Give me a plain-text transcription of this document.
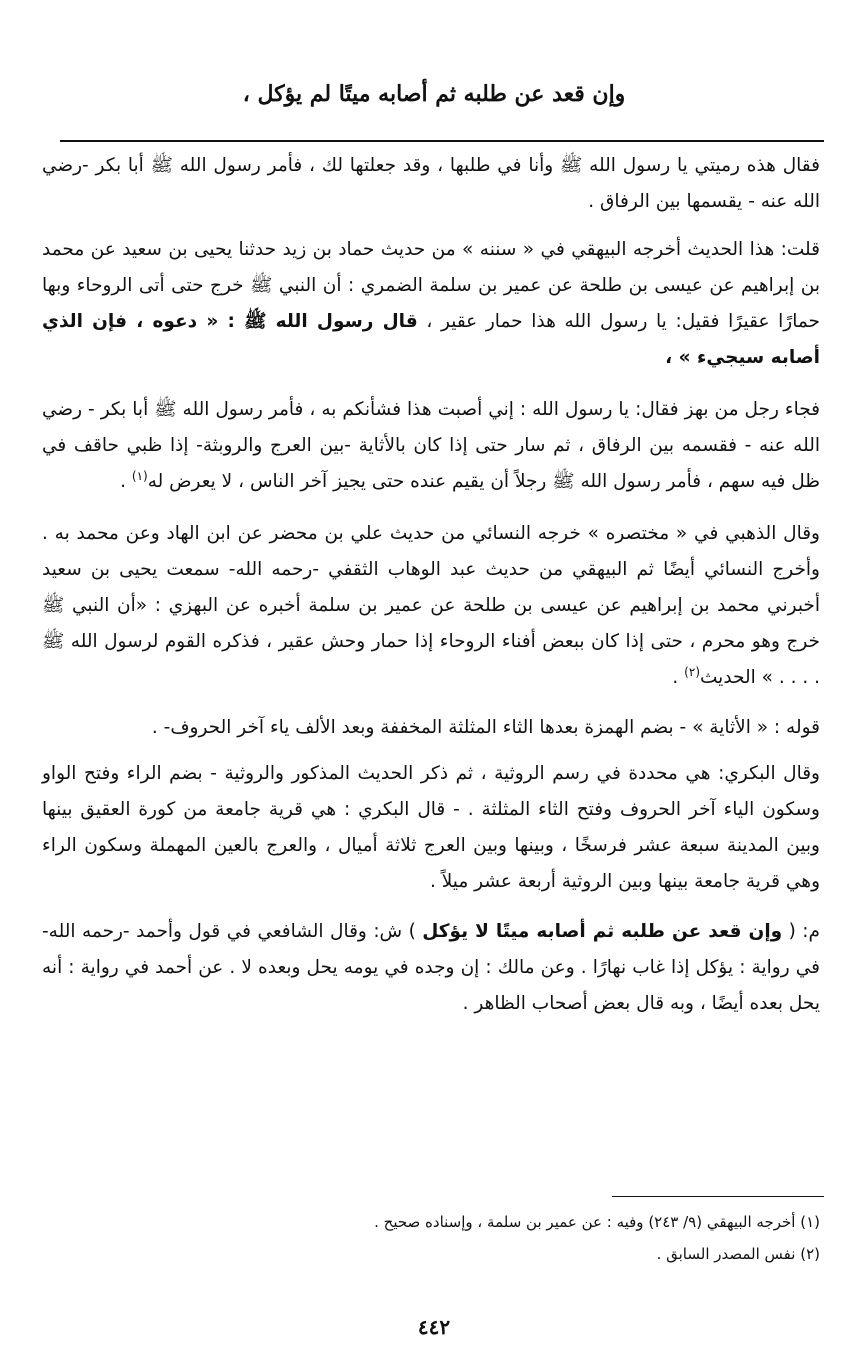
وإن قعد عن طلبه ثم أصابه ميتًا لم يؤكل ،

فقال هذه رميتي يا رسول الله ﷺ وأنا في طلبها ، وقد جعلتها لك ، فأمر رسول الله ﷺ أبا بكر -رضي الله عنه - يقسمها بين الرفاق .

قلت: هذا الحديث أخرجه البيهقي في « سننه » من حديث حماد بن زيد حدثنا يحيى بن سعيد عن محمد بن إبراهيم عن عيسى بن طلحة عن عمير بن سلمة الضمري : أن النبي ﷺ خرج حتى أتى الروحاء وبها حمارًا عقيرًا فقيل: يا رسول الله هذا حمار عقير ، قال رسول الله ﷺ : « دعوه ، فإن الذي أصابه سيجيء » ،

فجاء رجل من بهز فقال: يا رسول الله : إني أصبت هذا فشأنكم به ، فأمر رسول الله ﷺ أبا بكر - رضي الله عنه - فقسمه بين الرفاق ، ثم سار حتى إذا كان بالأثاية -بين العرج والروبثة- إذا ظبي حاقف في ظل فيه سهم ، فأمر رسول الله ﷺ رجلاً أن يقيم عنده حتى يجيز آخر الناس ، لا يعرض له$^{(١)}$ .

وقال الذهبي في « مختصره » خرجه النسائي من حديث علي بن محضر عن ابن الهاد وعن محمد به . وأخرج النسائي أيضًا ثم البيهقي من حديث عبد الوهاب الثقفي -رحمه الله- سمعت يحيى بن سعيد أخبرني محمد بن إبراهيم عن عيسى بن طلحة عن عمير بن سلمة أخبره عن البهزي : «أن النبي ﷺ خرج وهو محرم ، حتى إذا كان ببعض أفناء الروحاء إذا حمار وحش عقير ، فذكره القوم لرسول الله ﷺ . . . . » الحديث$^{(٢)}$ .

قوله : « الأثاية » - بضم الهمزة بعدها الثاء المثلثة المخففة وبعد الألف ياء آخر الحروف- .

وقال البكري: هي محددة في رسم الروثية ، ثم ذكر الحديث المذكور والروثية - بضم الراء وفتح الواو وسكون الياء آخر الحروف وفتح الثاء المثلثة . - قال البكري : هي قرية جامعة من كورة العقيق بينها وبين المدينة سبعة عشر فرسخًا ، وبينها وبين العرج ثلاثة أميال ، والعرج بالعين المهملة وسكون الراء وهي قرية جامعة بينها وبين الروثية أربعة عشر ميلاً .

م: ( وإن قعد عن طلبه ثم أصابه ميتًا لا يؤكل ) ش: وقال الشافعي في قول وأحمد -رحمه الله- في رواية : يؤكل إذا غاب نهارًا . وعن مالك : إن وجده في يومه يحل وبعده لا . عن أحمد في رواية : أنه يحل بعده أيضًا ، وبه قال بعض أصحاب الظاهر .

(١) أخرجه البيهقي (٩/ ٢٤٣) وفيه : عن عمير بن سلمة ، وإسناده صحيح .

(٢) نفس المصدر السابق .

٤٤٢
